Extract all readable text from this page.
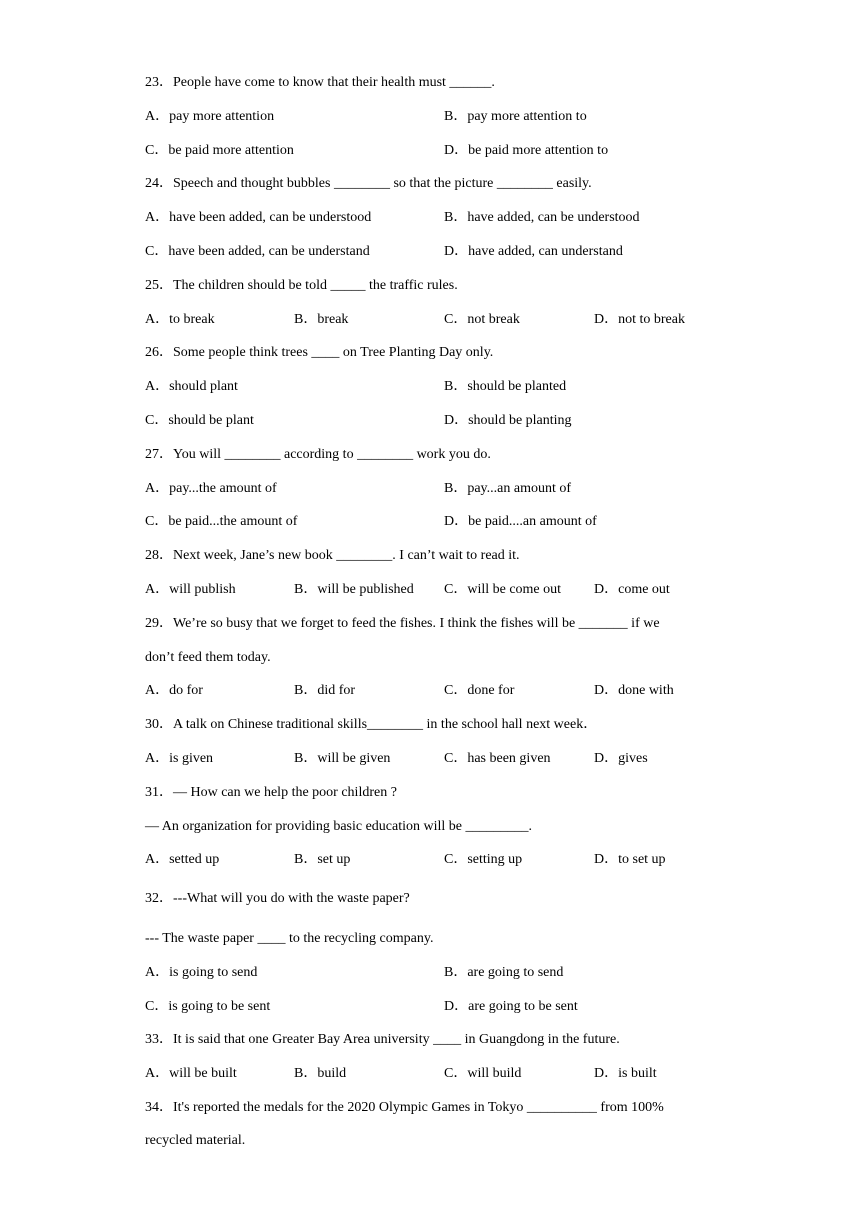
23．People have come to know that their health must ______.
A．pay more attention	B．pay more attention to
C．be paid more attention	D．be paid more attention to
24．Speech and thought bubbles ________ so that the picture ________ easily.
A．have been added, can be understood	B．have added, can be understood
C．have been added, can be understand	D．have added, can understand
25．The children should be told _____ the traffic rules.
A．to break	B．break	C．not break	D．not to break
26．Some people think trees ____ on Tree Planting Day only.
A．should plant	B．should be planted
C．should be plant	D．should be planting
27．You will ________ according to ________ work you do.
A．pay...the amount of	B．pay...an amount of
C．be paid...the amount of	D．be paid....an amount of
28．Next week, Jane’s new book ________. I can’t wait to read it.
A．will publish	B．will be published C．will be come out D．come out
29．We’re so busy that we forget to feed the fishes. I think the fishes will be _______ if we
don’t feed them today.
A．do for	B．did for	C．done for	D．done with
30．A talk on Chinese traditional skills________ in the school hall next week．
A．is given	B．will be given	C．has been given	D．gives
31．— How can we help the poor children ?
— An organization for providing basic education will be _________.
A．setted up	B．set up	C．setting up	D．to set up
32．---What will you do with the waste paper?
--- The waste paper ____ to the recycling company.
A．is going to send	B．are going to send
C．is going to be sent	D．are going to be sent
33．It is said that one Greater Bay Area university ____ in Guangdong in the future.
A．will be built	B．build	C．will build	D．is built
34．It's reported the medals for the 2020 Olympic Games in Tokyo __________ from 100%
recycled material.
